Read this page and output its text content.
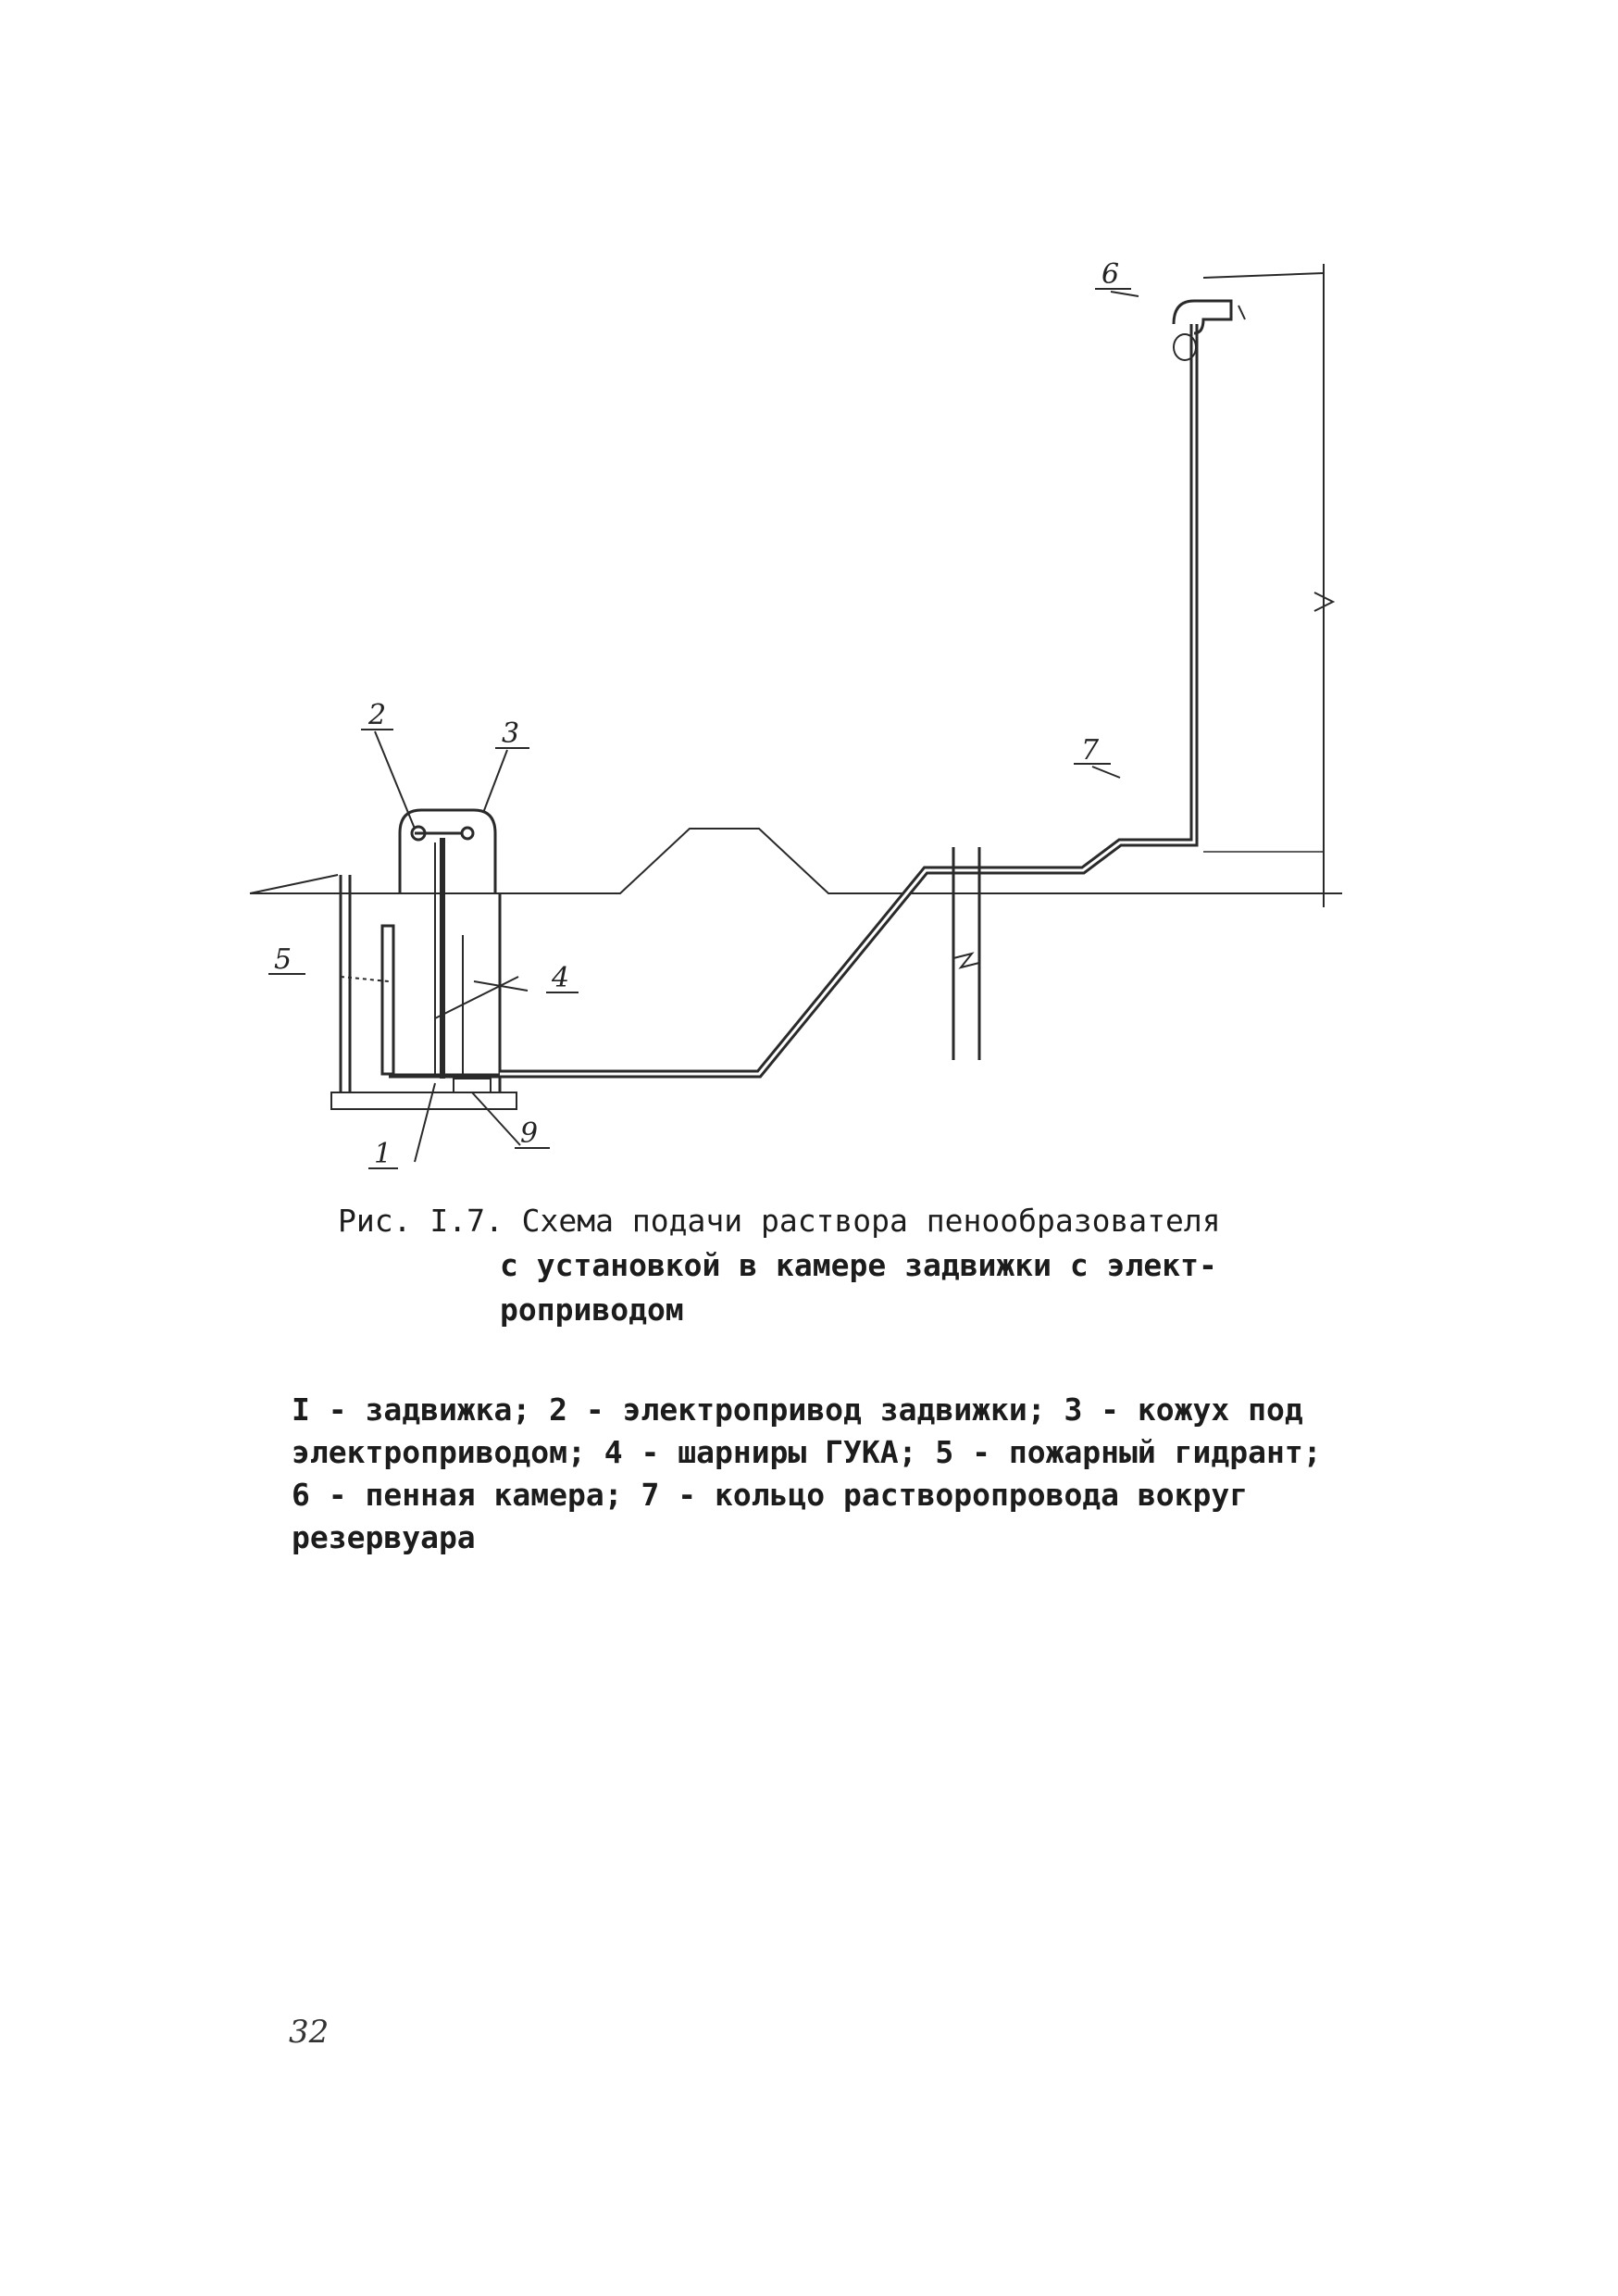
2
3
5
4
1
9
6
7
Рис. I.7. Схема подачи раствора пенообразователя
с установкой в камере задвижки с элект-
роприводом
I - задвижка; 2 - электропривод задвижки; 3 - кожух под
электроприводом; 4 - шарниры ГУКА; 5 - пожарный гидрант;
6 - пенная камера; 7 - кольцо растворопровода вокруг
резервуара
32
